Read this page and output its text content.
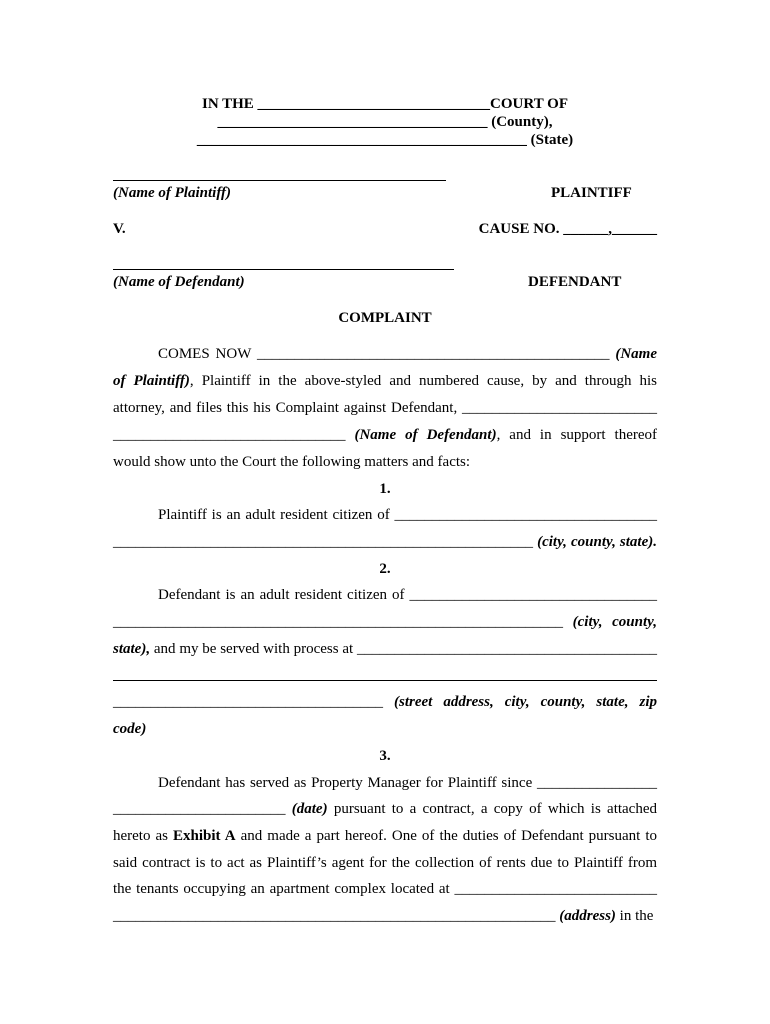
IN THE _______________________________COURT OF
____________________________________ (County),
____________________________________________ (State)
(Name of Plaintiff)	PLAINTIFF
V.	CAUSE NO. ______,______
(Name of Defendant)	DEFENDANT
COMPLAINT
COMES NOW _______________________________________________ (Name
of Plaintiff), Plaintiff in the above-styled and numbered cause, by and through his
attorney, and files this his Complaint against Defendant, __________________________
_______________________________ (Name of Defendant), and in support thereof
would show unto the Court the following matters and facts:
1.
Plaintiff is an adult resident citizen of ___________________________________
________________________________________________________ (city, county, state).
2.
Defendant is an adult resident citizen of _________________________________
____________________________________________________________ (city, county,
state), and my be served with process at ________________________________________
____________________________________ (street address, city, county, state, zip
code)
3.
Defendant has served as Property Manager for Plaintiff since ________________
_______________________ (date) pursuant to a contract, a copy of which is attached
hereto as Exhibit A and made a part hereof. One of the duties of Defendant pursuant to
said contract is to act as Plaintiff’s agent for the collection of rents due to Plaintiff from
the tenants occupying an apartment complex located at ___________________________
___________________________________________________________ (address) in the
